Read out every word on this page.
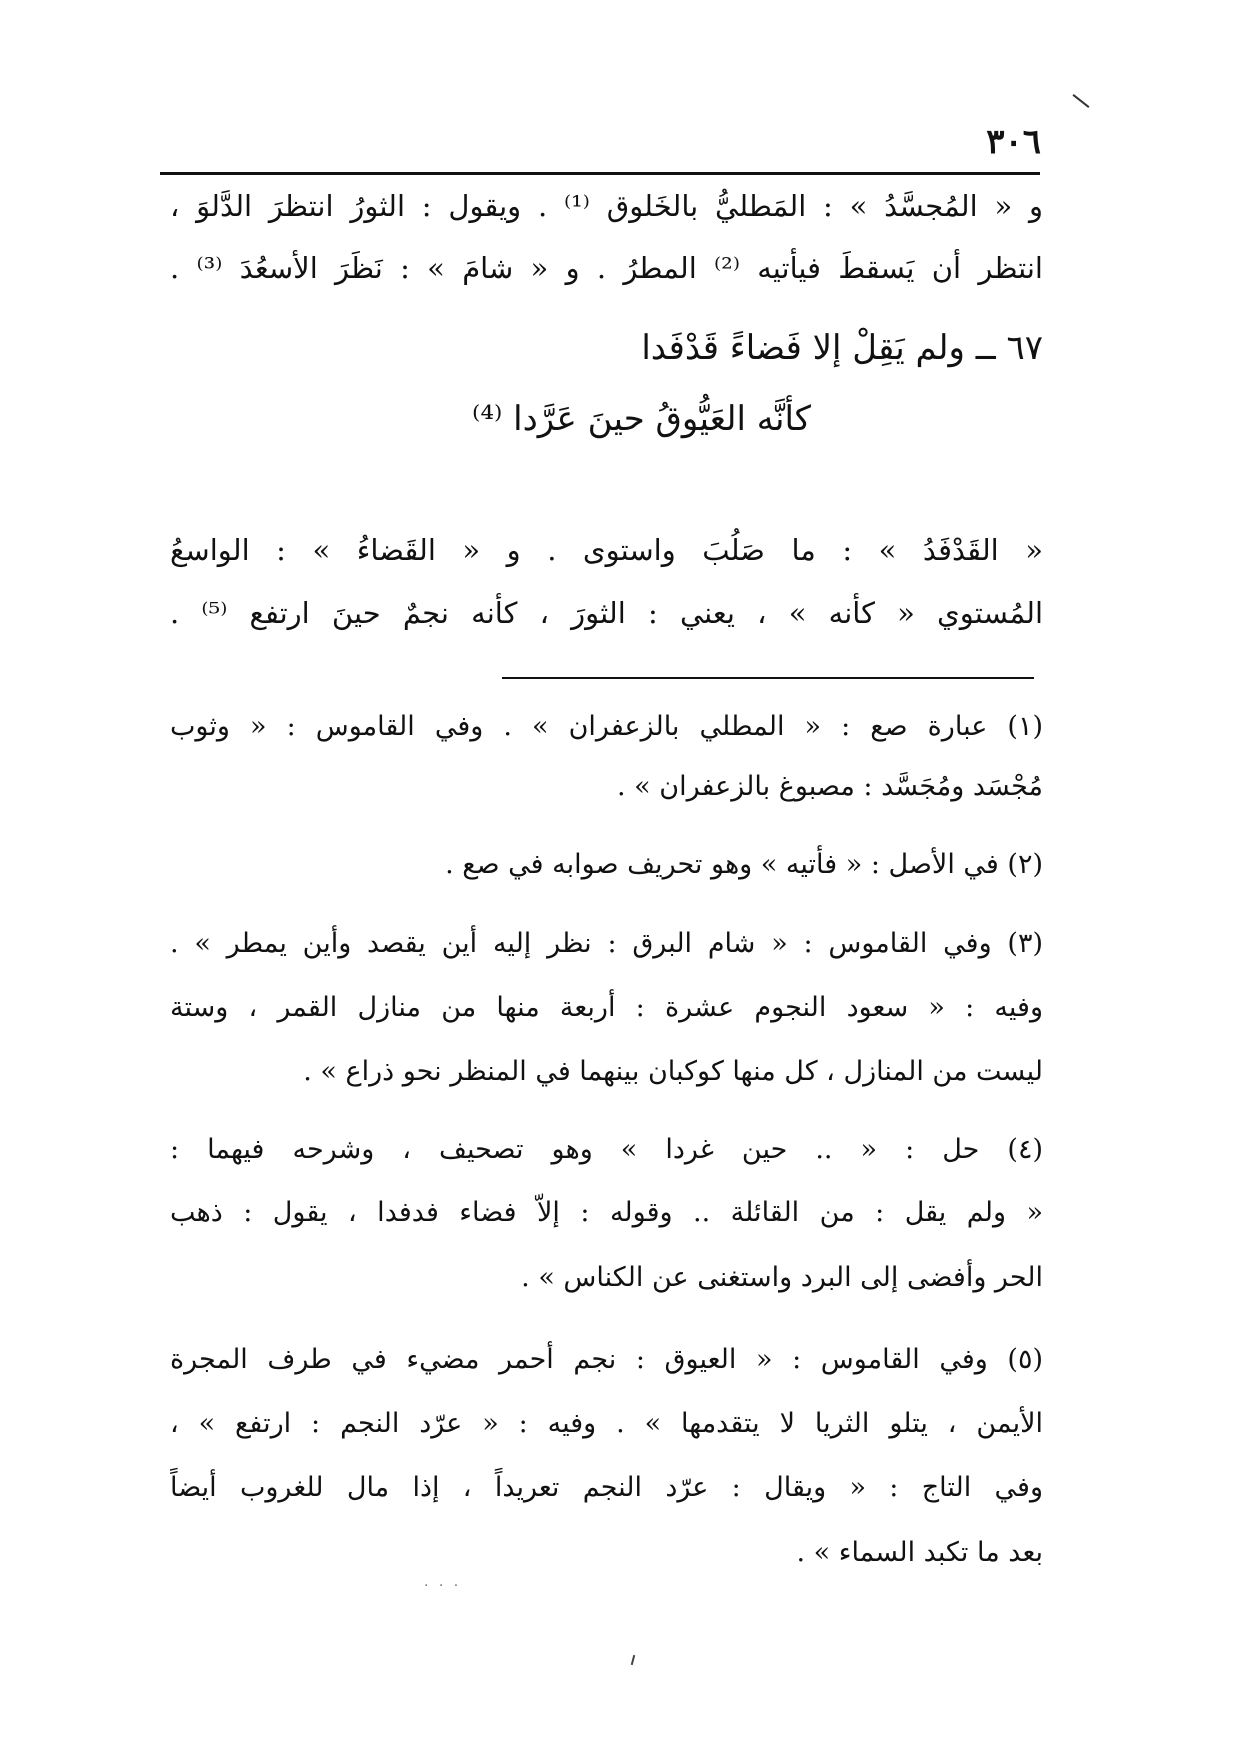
٣٠٦
و « المُجسَّدُ » : المَطليُّ بالخَلوق ⁽¹⁾ . ويقول : الثورُ انتظرَ الدَّلوَ ،
انتظر أن يَسقطَ فيأتيه ⁽²⁾ المطرُ . و « شامَ » : نَظَرَ الأسعُدَ ⁽³⁾ .
٦٧ ــ ولم يَقِلْ إلا فَضاءً قَدْفَدا
كأنَّه العَيُّوقُ حينَ عَرَّدا ⁽⁴⁾
« القَدْفَدُ » : ما صَلُبَ واستوى . و « القَضاءُ » : الواسعُ
المُستوي « كأنه » ، يعني : الثورَ ، كأنه نجمٌ حينَ ارتفع ⁽⁵⁾ .
(١) عبارة صع : « المطلي بالزعفران » . وفي القاموس : « وثوب
مُجْسَد ومُجَسَّد : مصبوغ بالزعفران » .
(٢) في الأصل : « فأتيه » وهو تحريف صوابه في صع .
(٣) وفي القاموس : « شام البرق : نظر إليه أين يقصد وأين يمطر » .
وفيه : « سعود النجوم عشرة : أربعة منها من منازل القمر ، وستة
ليست من المنازل ، كل منها كوكبان بينهما في المنظر نحو ذراع » .
(٤) حل : « .. حين غردا » وهو تصحيف ، وشرحه فيهما :
« ولم يقل : من القائلة .. وقوله : إلاّ فضاء فدفدا ، يقول : ذهب
الحر وأفضى إلى البرد واستغنى عن الكناس » .
(٥) وفي القاموس : « العيوق : نجم أحمر مضيء في طرف المجرة
الأيمن ، يتلو الثريا لا يتقدمها » . وفيه : « عرّد النجم : ارتفع » ،
وفي التاج : « ويقال : عرّد النجم تعريداً ، إذا مال للغروب أيضاً
بعد ما تكبد السماء » .
· · ·
